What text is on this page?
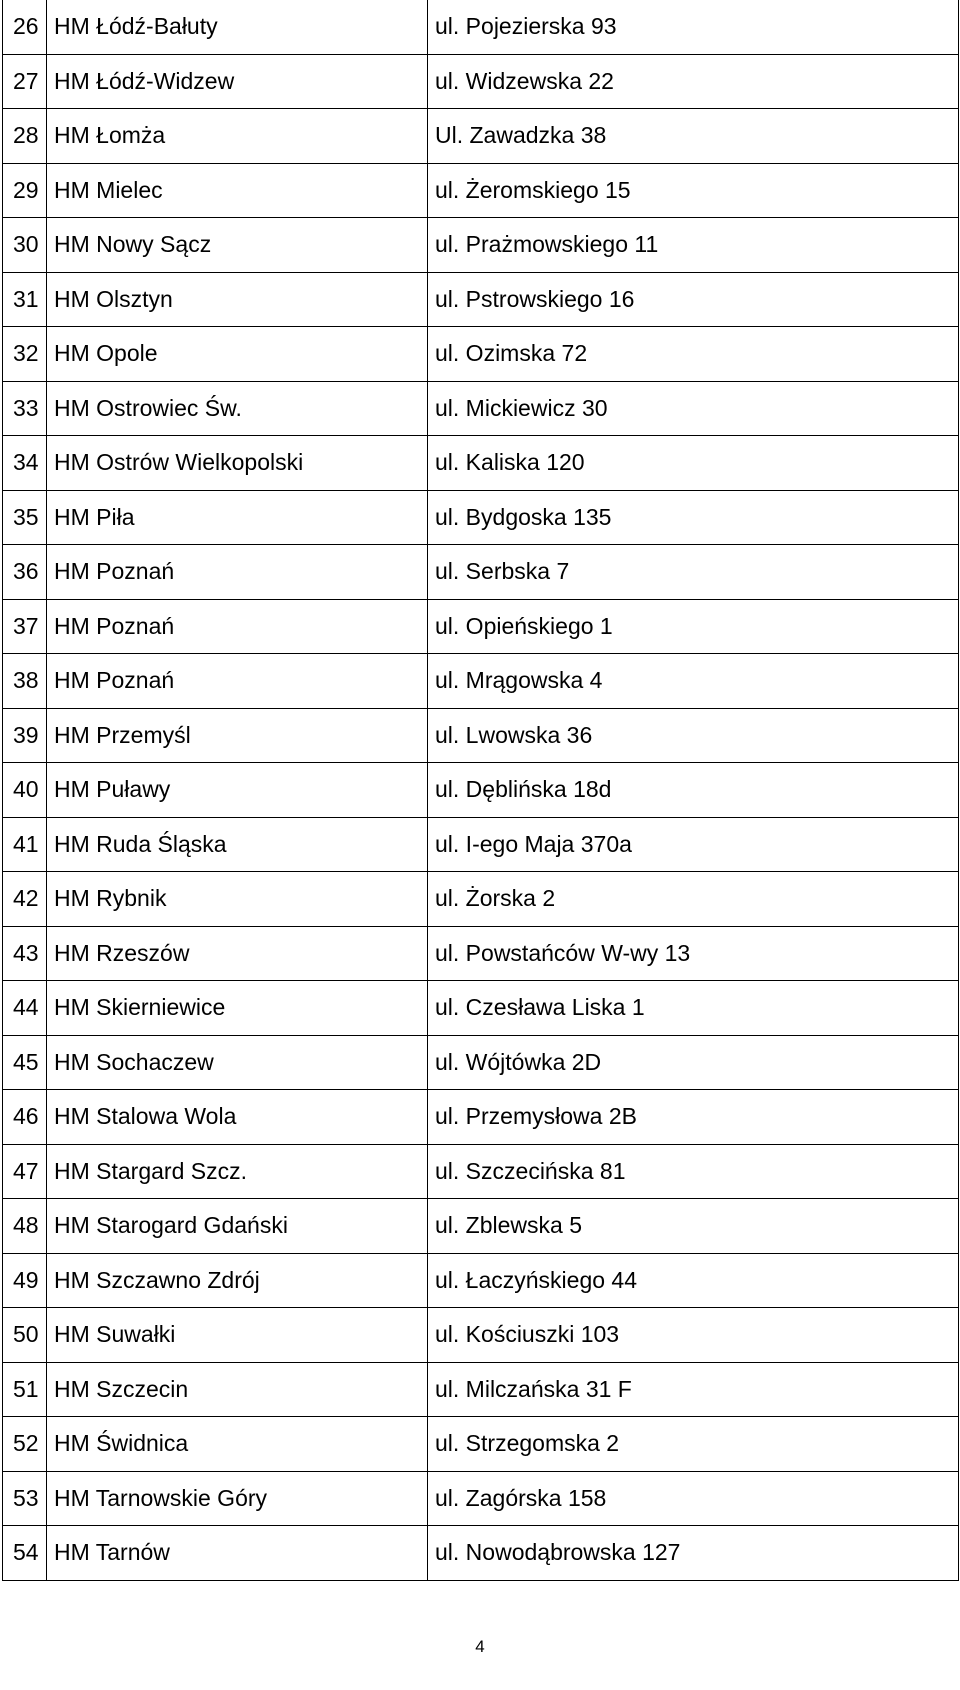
26	HM Łódź-Bałuty	ul. Pojezierska 93
27	HM Łódź-Widzew	ul. Widzewska 22
28	HM Łomża	Ul. Zawadzka 38
29	HM Mielec	ul. Żeromskiego 15
30	HM Nowy Sącz	ul. Prażmowskiego 11
31	HM Olsztyn	ul. Pstrowskiego 16
32	HM Opole	ul. Ozimska 72
33	HM Ostrowiec Św.	ul. Mickiewicz 30
34	HM Ostrów Wielkopolski	ul. Kaliska 120
35	HM Piła	ul. Bydgoska 135
36	HM Poznań	ul. Serbska 7
37	HM Poznań	ul. Opieńskiego 1
38	HM Poznań	ul. Mrągowska 4
39	HM Przemyśl	ul. Lwowska 36
40	HM Puławy	ul. Dęblińska 18d
41	HM Ruda Śląska	ul. I-ego Maja 370a
42	HM Rybnik	ul. Żorska 2
43	HM Rzeszów	ul. Powstańców W-wy 13
44	HM Skierniewice	ul. Czesława Liska 1
45	HM Sochaczew	ul. Wójtówka 2D
46	HM Stalowa Wola	ul. Przemysłowa 2B
47	HM Stargard Szcz.	ul. Szczecińska 81
48	HM Starogard Gdański	ul. Zblewska 5
49	HM Szczawno Zdrój	ul. Łaczyńskiego 44
50	HM Suwałki	ul. Kościuszki 103
51	HM Szczecin	ul. Milczańska 31 F
52	HM Świdnica	ul. Strzegomska 2
53	HM Tarnowskie Góry	ul. Zagórska 158
54	HM Tarnów	ul. Nowodąbrowska 127
4
